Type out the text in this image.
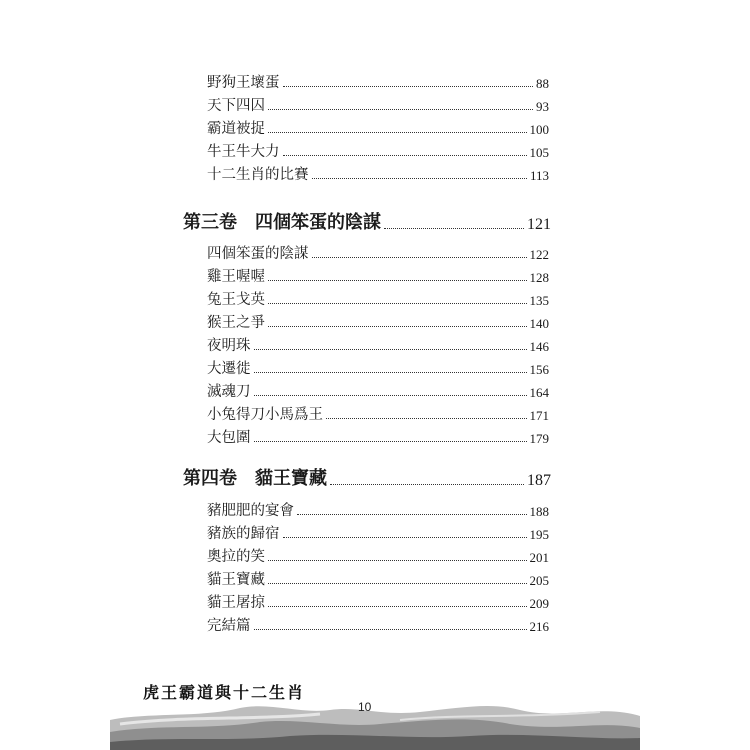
野狗王壞蛋	88
天下四囚	93
霸道被捉	100
牛王牛大力	105
十二生肖的比賽	113
第三卷　四個笨蛋的陰謀	121
四個笨蛋的陰謀	122
雞王喔喔	128
兔王戈英	135
猴王之爭	140
夜明珠	146
大遷徙	156
滅魂刀	164
小兔得刀小馬爲王	171
大包圍	179
第四卷　貓王寶藏	187
豬肥肥的宴會	188
豬族的歸宿	195
奧拉的笑	201
貓王寶藏	205
貓王屠掠	209
完結篇	216
虎王霸道與十二生肖
10
